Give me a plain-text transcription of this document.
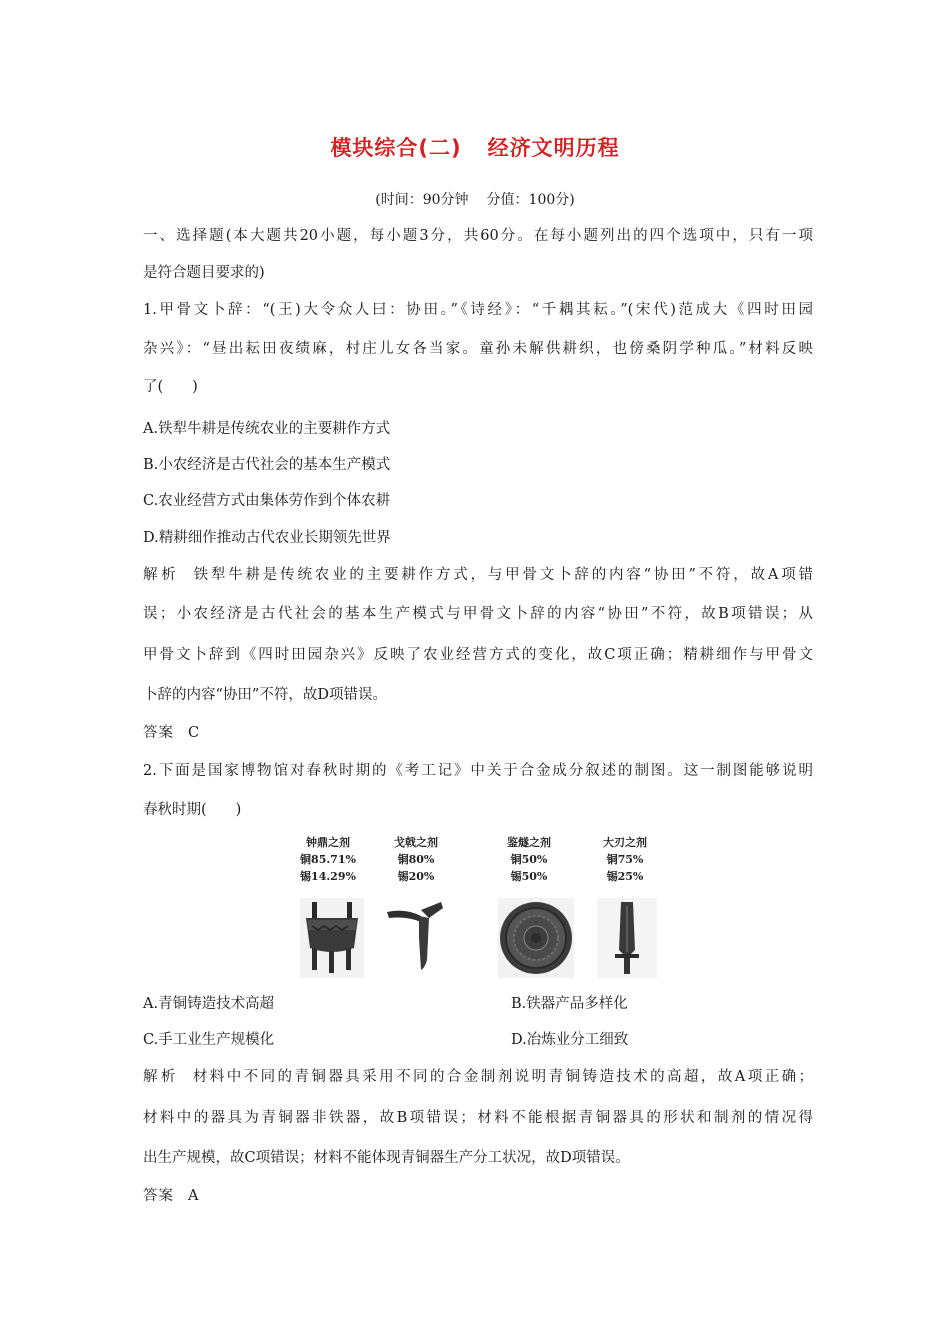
模块综合(二) 经济文明历程
(时间：90分钟 分值：100分)
一、选择题(本大题共20小题，每小题3分，共60分。在每小题列出的四个选项中，只有一项
是符合题目要求的)
1.甲骨文卜辞：“(王)大令众人曰：协田。”《诗经》：“千耦其耘。”(宋代)范成大《四时田园
杂兴》：“昼出耘田夜绩麻，村庄儿女各当家。童孙未解供耕织，也傍桑阴学种瓜。”材料反映
了(　　)
A.铁犁牛耕是传统农业的主要耕作方式
B.小农经济是古代社会的基本生产模式
C.农业经营方式由集体劳作到个体农耕
D.精耕细作推动古代农业长期领先世界
解析 铁犁牛耕是传统农业的主要耕作方式，与甲骨文卜辞的内容“协田”不符，故A项错
误；小农经济是古代社会的基本生产模式与甲骨文卜辞的内容“协田”不符，故B项错误；从
甲骨文卜辞到《四时田园杂兴》反映了农业经营方式的变化，故C项正确；精耕细作与甲骨文
卜辞的内容“协田”不符，故D项错误。
答案 C
2.下面是国家博物馆对春秋时期的《考工记》中关于合金成分叙述的制图。这一制图能够说明
春秋时期(　　)
钟鼎之剂
铜85.71%
锡14.29%
戈戟之剂
铜80%
锡20%
鉴燧之剂
铜50%
锡50%
大刃之剂
铜75%
锡25%
A.青铜铸造技术高超	B.铁器产品多样化
C.手工业生产规模化	D.冶炼业分工细致
解析 材料中不同的青铜器具采用不同的合金制剂说明青铜铸造技术的高超，故A项正确；
材料中的器具为青铜器非铁器，故B项错误；材料不能根据青铜器具的形状和制剂的情况得
出生产规模，故C项错误；材料不能体现青铜器生产分工状况，故D项错误。
答案 A
